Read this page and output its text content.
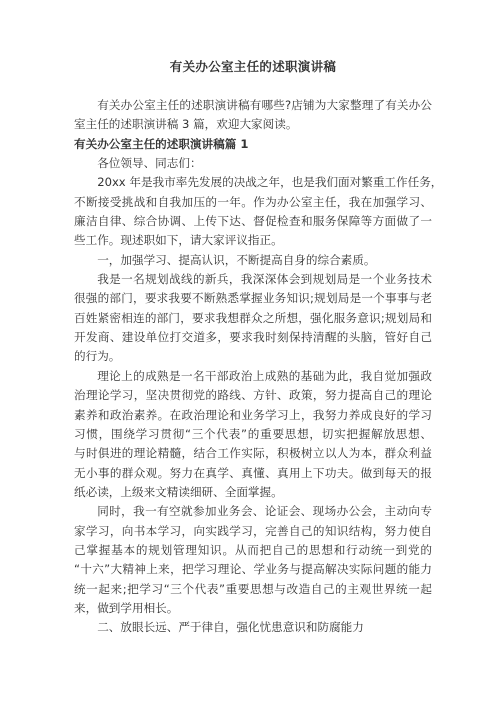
有关办公室主任的述职演讲稿
有关办公室主任的述职演讲稿有哪些?店铺为大家整理了有关办公
室主任的述职演讲稿 3 篇，欢迎大家阅读。
有关办公室主任的述职演讲稿篇 1
各位领导、同志们：
20xx 年是我市率先发展的决战之年，也是我们面对繁重工作任务，
不断接受挑战和自我加压的一年。作为办公室主任，我在加强学习、
廉洁自律、综合协调、上传下达、督促检查和服务保障等方面做了一
些工作。现述职如下，请大家评议指正。
一，加强学习、提高认识，不断提高自身的综合素质。
我是一名规划战线的新兵，我深深体会到规划局是一个业务技术
很强的部门，要求我要不断熟悉掌握业务知识;规划局是一个事事与老
百姓紧密相连的部门，要求我想群众之所想，强化服务意识;规划局和
开发商、建设单位打交道多，要求我时刻保持清醒的头脑，管好自己
的行为。
理论上的成熟是一名干部政治上成熟的基础为此，我自觉加强政
治理论学习，坚决贯彻党的路线、方针、政策，努力提高自己的理论
素养和政治素养。在政治理论和业务学习上，我努力养成良好的学习
习惯，围绕学习贯彻“三个代表”的重要思想，切实把握解放思想、
与时俱进的理论精髓，结合工作实际，积极树立以人为本，群众利益
无小事的群众观。努力在真学、真懂、真用上下功夫。做到每天的报
纸必读，上级来文精读细研、全面掌握。
同时，我一有空就参加业务会、论证会、现场办公会，主动向专
家学习，向书本学习，向实践学习，完善自己的知识结构，努力使自
己掌握基本的规划管理知识。从而把自己的思想和行动统一到党的
“十六”大精神上来，把学习理论、学业务与提高解决实际问题的能力
统一起来;把学习“三个代表”重要思想与改造自己的主观世界统一起
来，做到学用相长。
二、放眼长远、严于律自，强化忧患意识和防腐能力
